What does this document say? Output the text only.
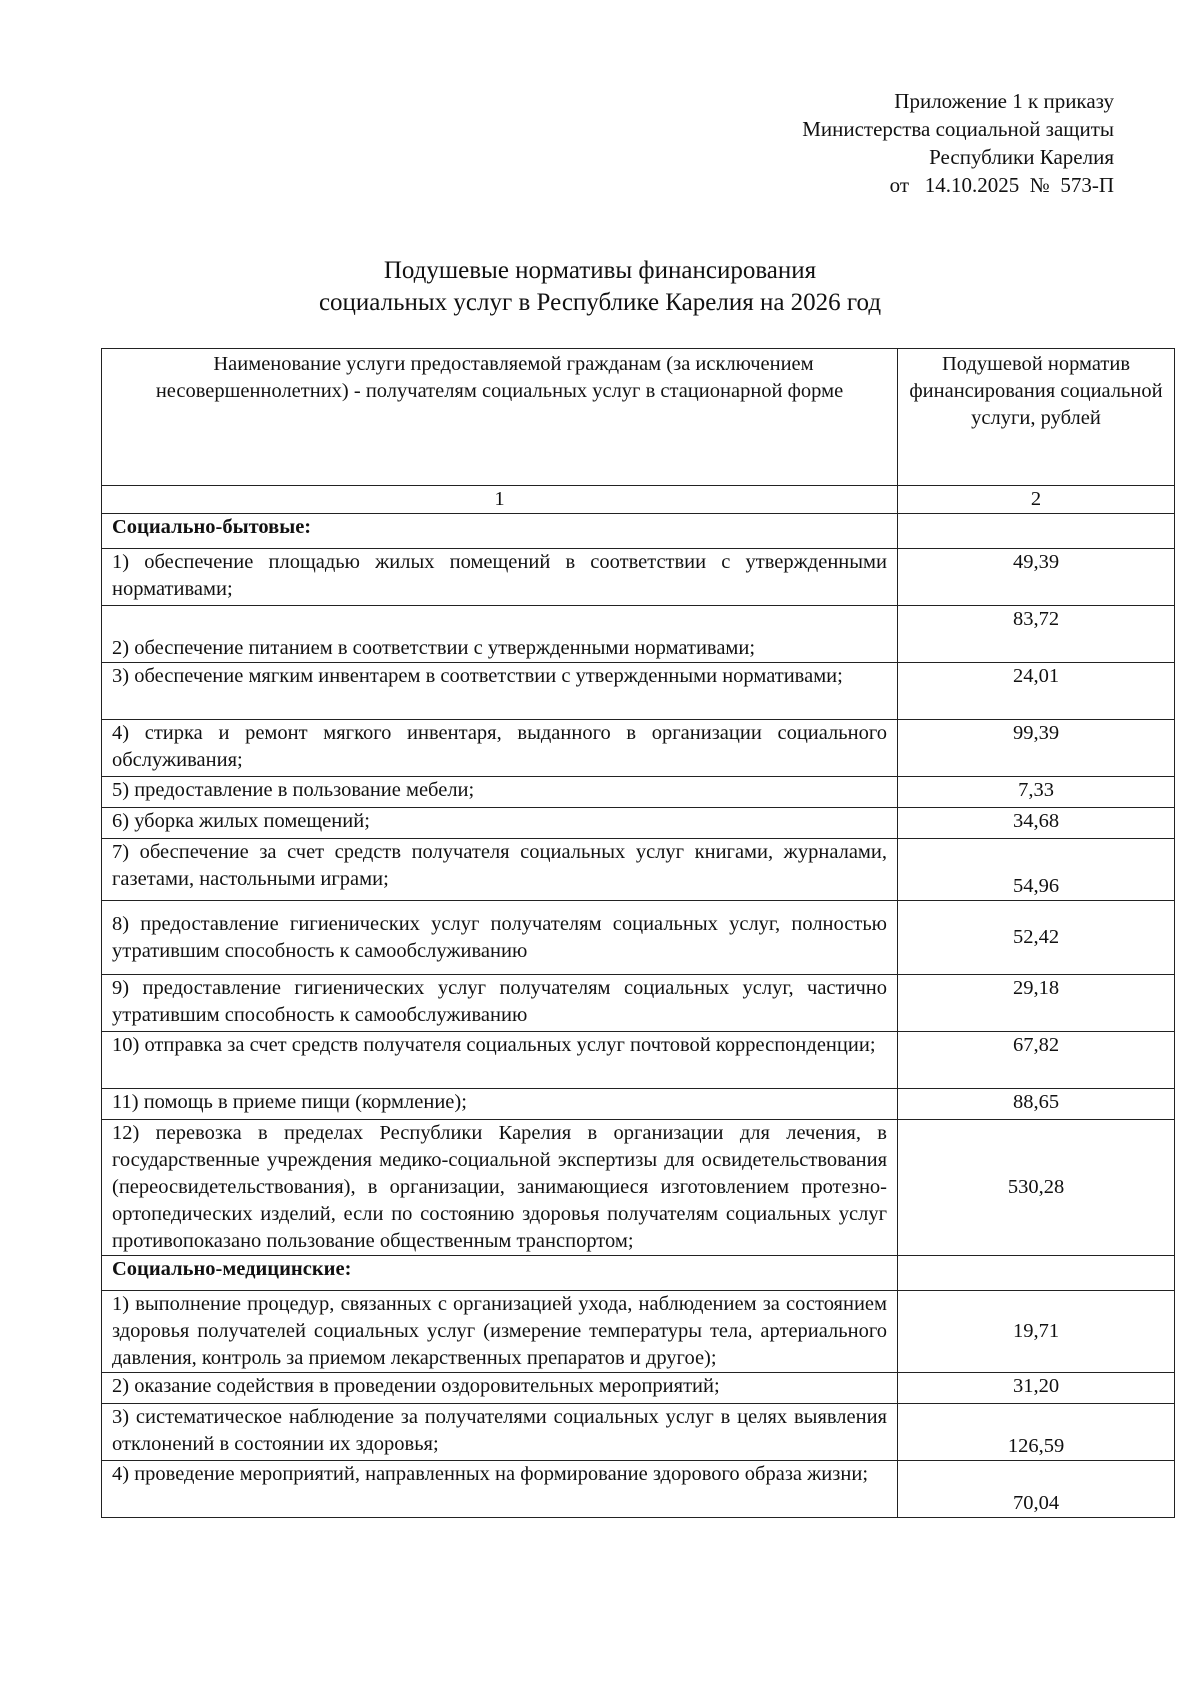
Приложение 1 к приказу
Министерства социальной защиты
Республики Карелия
от   14.10.2025  №  573-П
Подушевые нормативы финансирования
социальных услуг в Республике Карелия на 2026 год
Наименование услуги предоставляемой гражданам (за исключением несовершеннолетних) - получателям социальных услуг в стационарной форме	Подушевой норматив финансирования социальной услуги, рублей
1	2
Социально-бытовые:	
1) обеспечение площадью жилых помещений в соответствии с утвержденными нормативами;	49,39
2) обеспечение питанием в соответствии с утвержденными нормативами;	83,72
3) обеспечение мягким инвентарем в соответствии с утвержденными нормативами;	24,01
4) стирка и ремонт мягкого инвентаря, выданного в организации социального обслуживания;	99,39
5) предоставление в пользование мебели;	7,33
6) уборка жилых помещений;	34,68
7) обеспечение за счет средств получателя социальных услуг книгами, журналами, газетами, настольными играми;	54,96
8) предоставление гигиенических услуг получателям социальных услуг, полностью утратившим способность к самообслуживанию	52,42
9) предоставление гигиенических услуг получателям социальных услуг, частично утратившим способность к самообслуживанию	29,18
10) отправка за счет средств получателя социальных услуг почтовой корреспонденции;	67,82
11) помощь в приеме пищи (кормление);	88,65
12) перевозка в пределах Республики Карелия в организации для лечения, в государственные учреждения медико-социальной экспертизы для освидетельствования (переосвидетельствования), в организации, занимающиеся изготовлением протезно-ортопедических изделий, если по состоянию здоровья получателям социальных услуг противопоказано пользование общественным транспортом;	530,28
Социально-медицинские:	
1) выполнение процедур, связанных с организацией ухода, наблюдением за состоянием здоровья получателей социальных услуг (измерение температуры тела, артериального давления, контроль за приемом лекарственных препаратов и другое);	19,71
2) оказание содействия в проведении оздоровительных мероприятий;	31,20
3) систематическое наблюдение за получателями социальных услуг в целях выявления отклонений в состоянии их здоровья;	126,59
4) проведение мероприятий, направленных на формирование здорового образа жизни;	70,04
